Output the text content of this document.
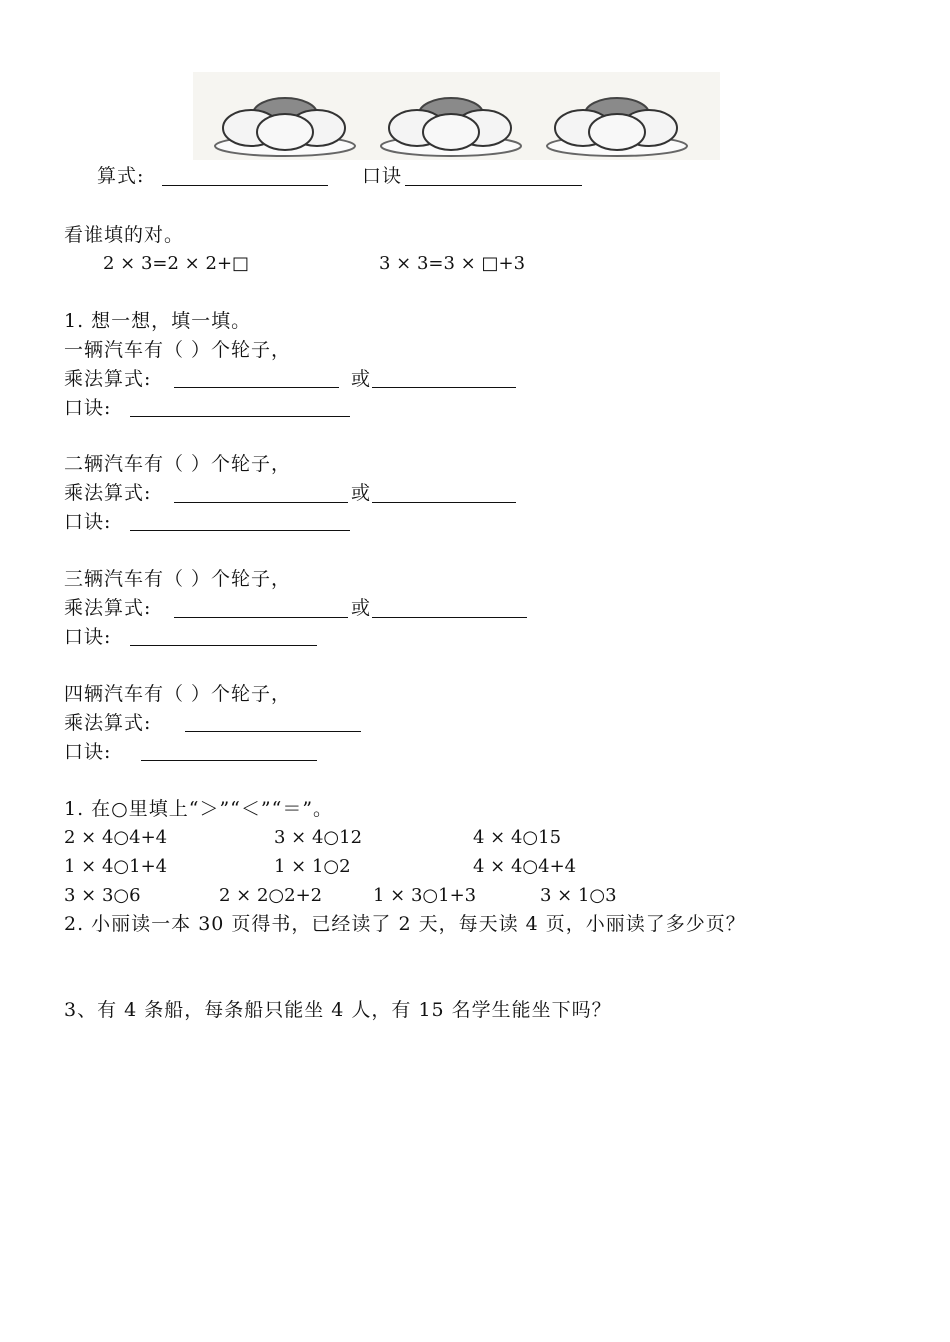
算式:	口诀
看谁填的对。
2 × 3=2 × 2+□	3 × 3=3 × □+3
1. 想一想，填一填。
一辆汽车有（ ）个轮子，
乘法算式:	或
口诀:
二辆汽车有（ ）个轮子，
乘法算式:	或
口诀:
三辆汽车有（ ）个轮子，
乘法算式:	或
口诀:
四辆汽车有（ ）个轮子，
乘法算式:
口诀:
1. 在○里填上“＞”“＜”“＝”。
2 × 4○4+4	3 × 4○12	4 × 4○15
1 × 4○1+4	1 × 1○2	4 × 4○4+4
3 × 3○6	2 × 2○2+2	1 × 3○1+3	3 × 1○3
2. 小丽读一本 30 页得书，已经读了 2 天，每天读 4 页，小丽读了多少页？
3、有 4 条船，每条船只能坐 4 人，有 15 名学生能坐下吗？
